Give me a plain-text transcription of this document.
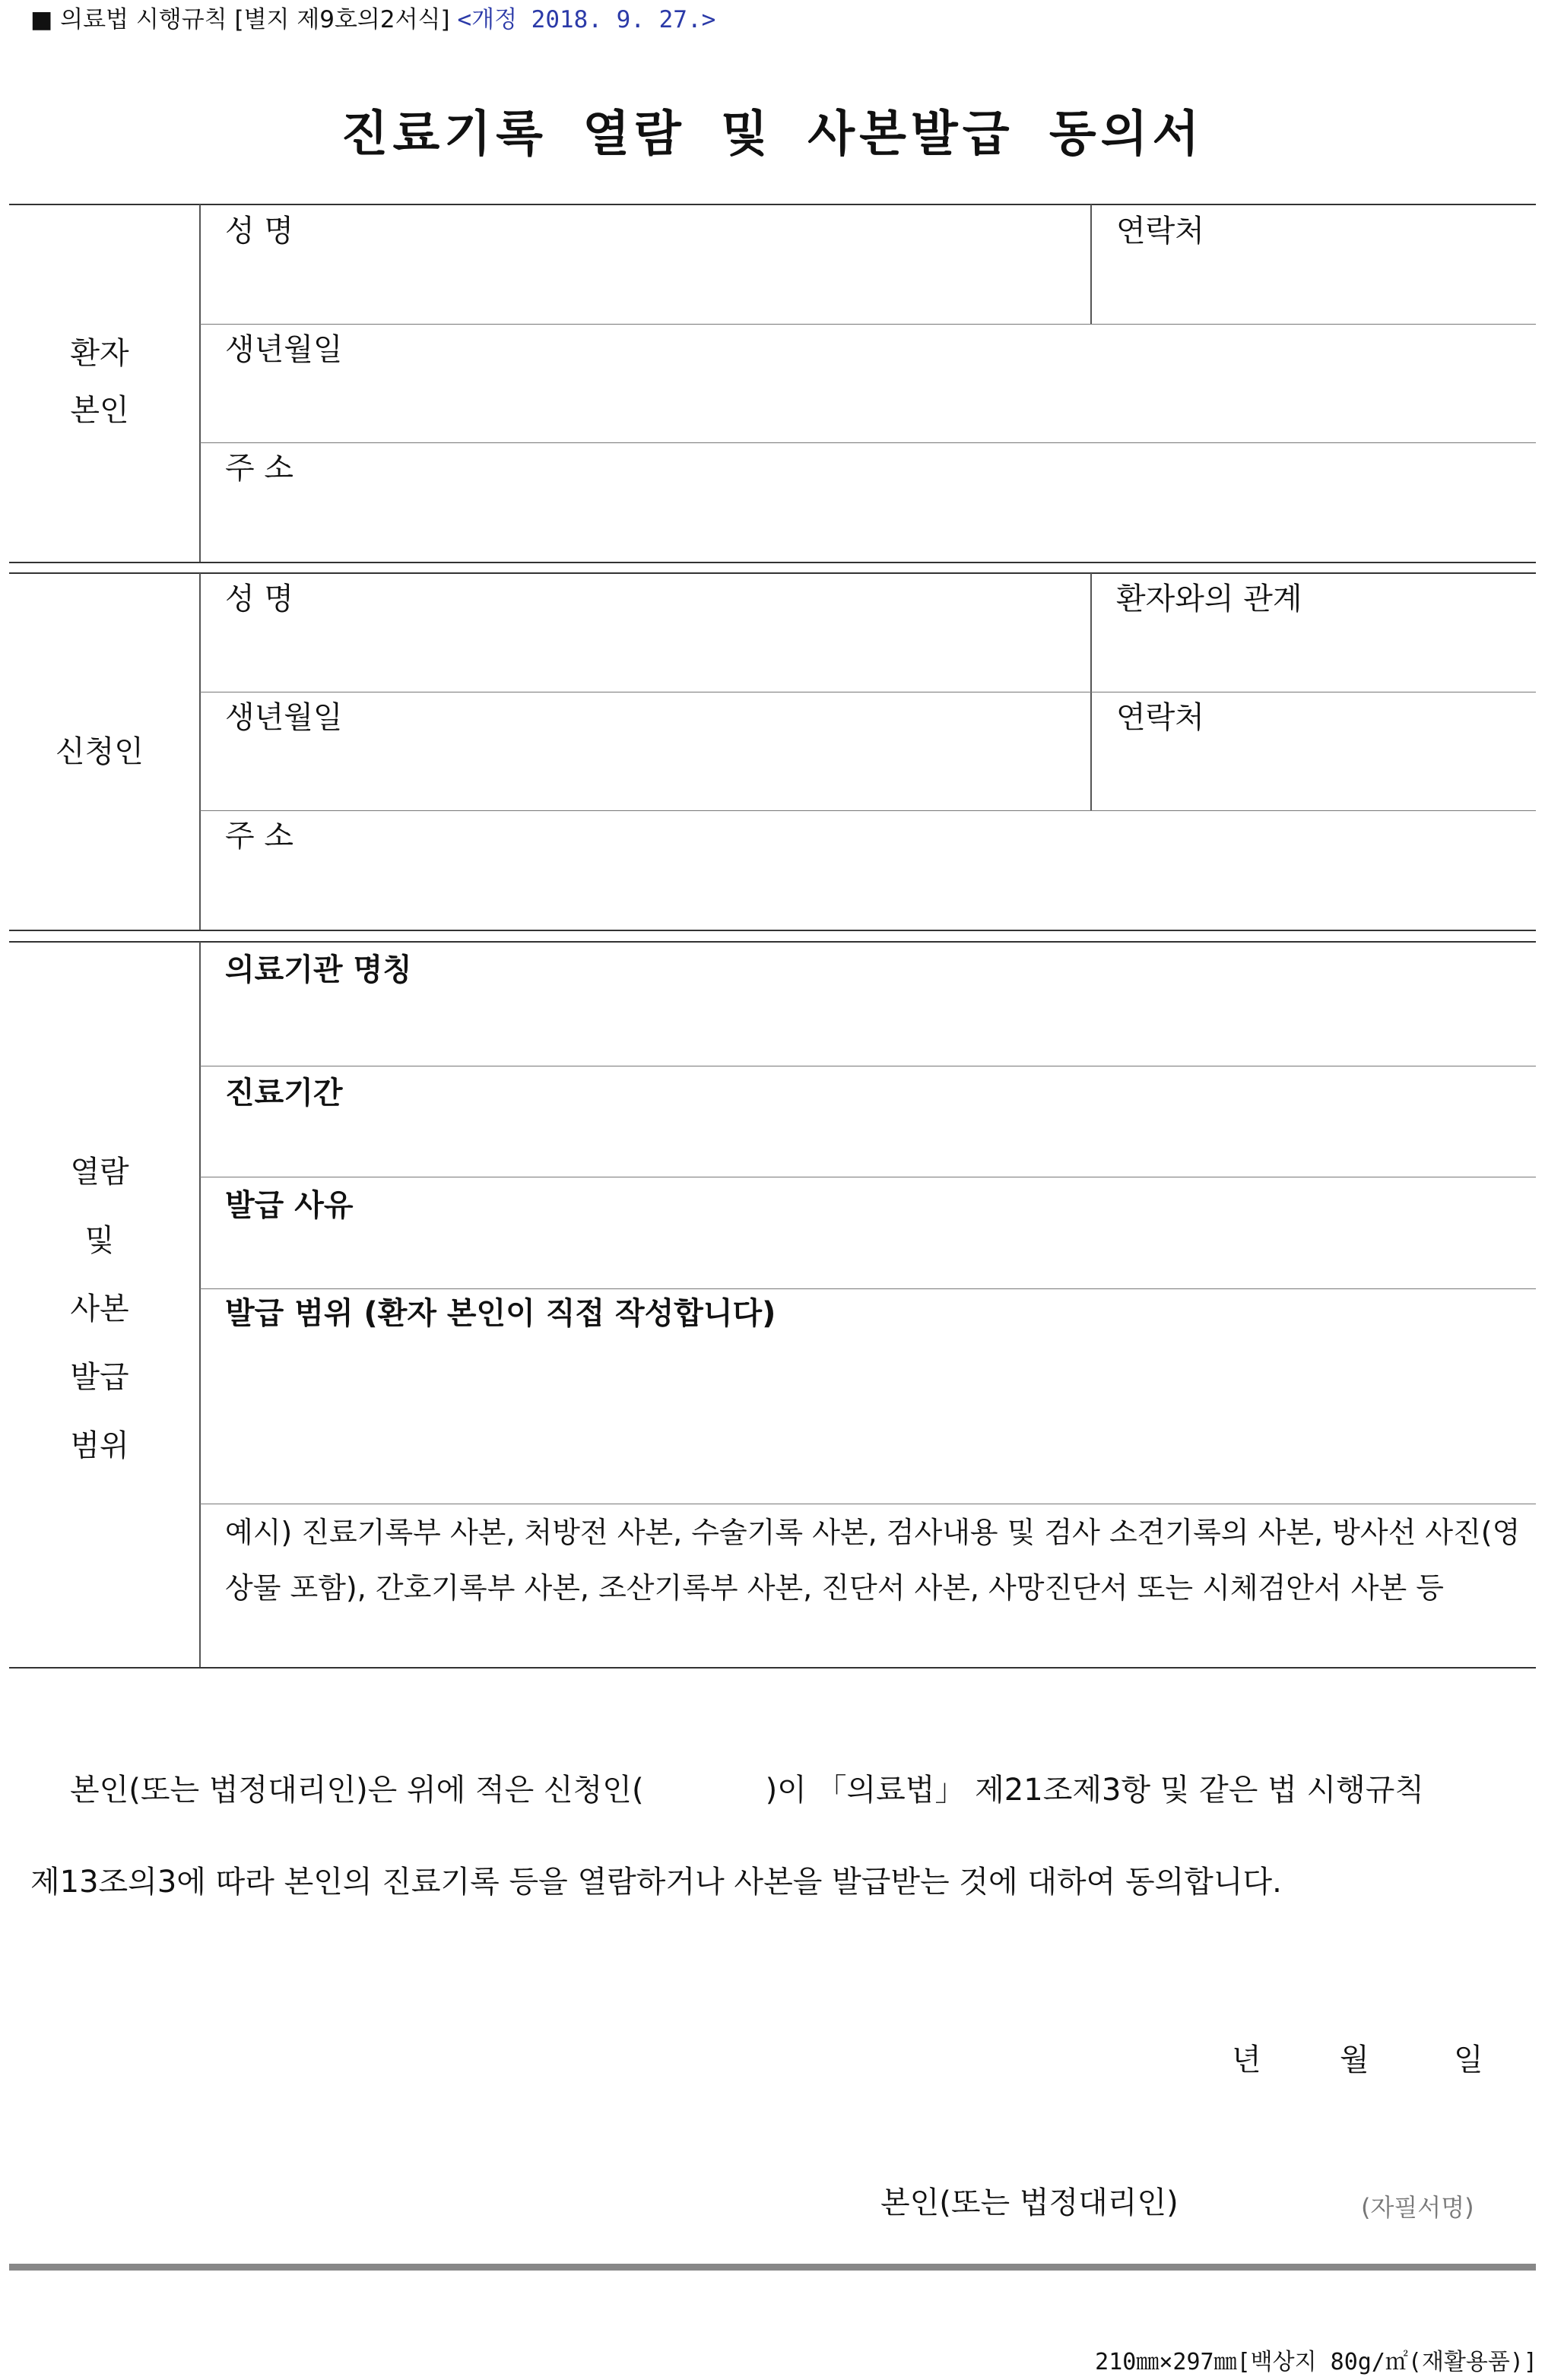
■ 의료법 시행규칙 [별지 제9호의2서식] <개정 2018. 9. 27.>
진료기록 열람 및 사본발급 동의서
환자
본인
성 명	연락처
생년월일
주 소
신청인
성 명	환자와의 관계
생년월일	연락처
주 소
열람
및
사본
발급
범위
의료기관 명칭
진료기간
발급 사유
발급 범위 (환자 본인이 직접 작성합니다)
예시) 진료기록부 사본, 처방전 사본, 수술기록 사본, 검사내용 및 검사 소견기록의 사본, 방사선 사진(영상물 포함), 간호기록부 사본, 조산기록부 사본, 진단서 사본, 사망진단서 또는 시체검안서 사본 등
본인(또는 법정대리인)은 위에 적은 신청인(	)이 「의료법」 제21조제3항 및 같은 법 시행규칙
제13조의3에 따라 본인의 진료기록 등을 열람하거나 사본을 발급받는 것에 대하여 동의합니다.
년	월	일
본인(또는 법정대리인)	(자필서명)
210㎜×297㎜[백상지 80g/㎡(재활용품)]
